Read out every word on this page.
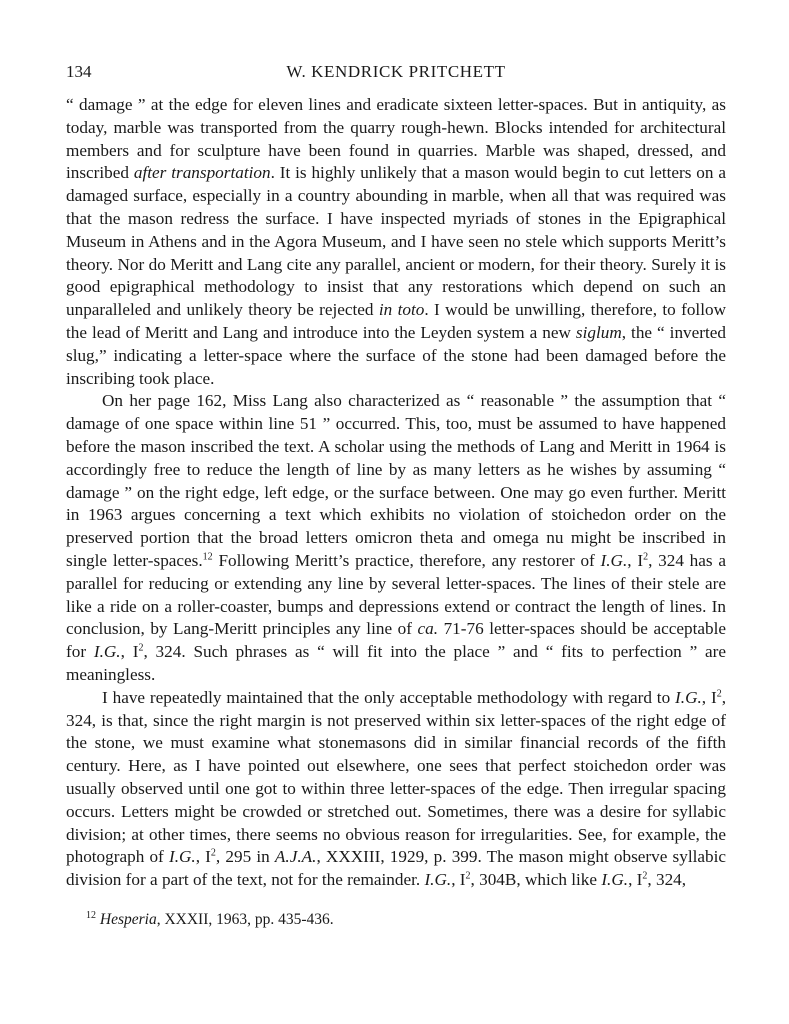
134	W. KENDRICK PRITCHETT

“ damage ” at the edge for eleven lines and eradicate sixteen letter-spaces. But in antiquity, as today, marble was transported from the quarry rough-hewn. Blocks intended for architectural members and for sculpture have been found in quarries. Marble was shaped, dressed, and inscribed after transportation. It is highly unlikely that a mason would begin to cut letters on a damaged surface, especially in a country abounding in marble, when all that was required was that the mason redress the surface. I have inspected myriads of stones in the Epigraphical Museum in Athens and in the Agora Museum, and I have seen no stele which supports Meritt’s theory. Nor do Meritt and Lang cite any parallel, ancient or modern, for their theory. Surely it is good epigraphical methodology to insist that any restorations which depend on such an unparalleled and unlikely theory be rejected in toto. I would be unwilling, therefore, to follow the lead of Meritt and Lang and introduce into the Leyden system a new siglum, the “ inverted slug,” indicating a letter-space where the surface of the stone had been damaged before the inscribing took place.

On her page 162, Miss Lang also characterized as “ reasonable ” the assumption that “ damage of one space within line 51 ” occurred. This, too, must be assumed to have happened before the mason inscribed the text. A scholar using the methods of Lang and Meritt in 1964 is accordingly free to reduce the length of line by as many letters as he wishes by assuming “ damage ” on the right edge, left edge, or the surface between. One may go even further. Meritt in 1963 argues concerning a text which exhibits no violation of stoichedon order on the preserved portion that the broad letters omicron theta and omega nu might be inscribed in single letter-spaces.$^{12}$ Following Meritt’s practice, therefore, any restorer of I.G., $I^2$, 324 has a parallel for reducing or extending any line by several letter-spaces. The lines of their stele are like a ride on a roller-coaster, bumps and depressions extend or contract the length of lines. In conclusion, by Lang-Meritt principles any line of ca. 71-76 letter-spaces should be acceptable for I.G., $I^2$, 324. Such phrases as “ will fit into the place ” and “ fits to perfection ” are meaningless.

I have repeatedly maintained that the only acceptable methodology with regard to I.G., $I^2$, 324, is that, since the right margin is not preserved within six letter-spaces of the right edge of the stone, we must examine what stonemasons did in similar financial records of the fifth century. Here, as I have pointed out elsewhere, one sees that perfect stoichedon order was usually observed until one got to within three letter-spaces of the edge. Then irregular spacing occurs. Letters might be crowded or stretched out. Sometimes, there was a desire for syllabic division; at other times, there seems no obvious reason for irregularities. See, for example, the photograph of I.G., $I^2$, 295 in A.J.A., XXXIII, 1929, p. 399. The mason might observe syllabic division for a part of the text, not for the remainder. I.G., $I^2$, 304B, which like I.G., $I^2$, 324,

$^{12}$ Hesperia, XXXII, 1963, pp. 435-436.
